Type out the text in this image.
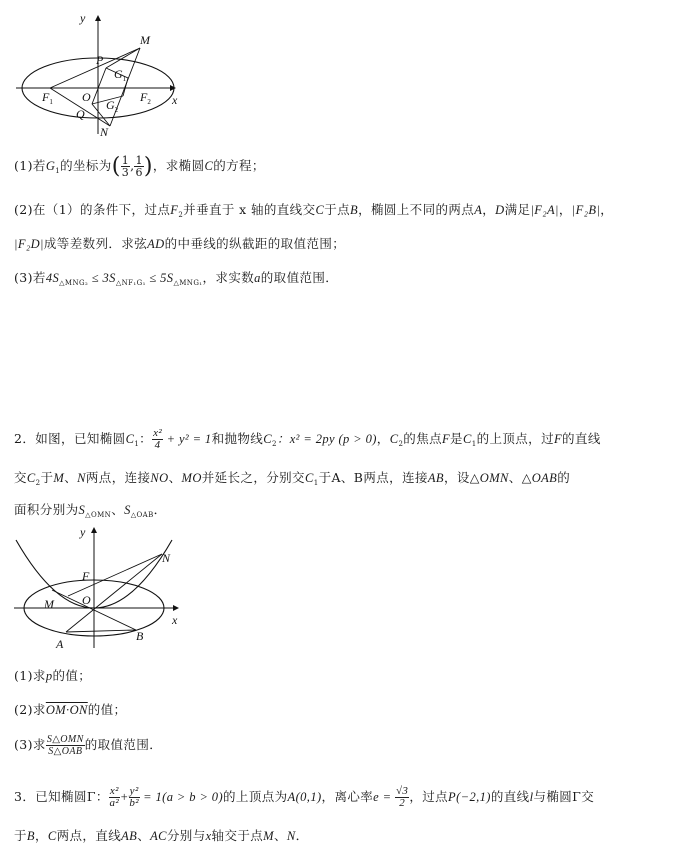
y
x
M
P
$G_1$
$F_1$ O	$F_2$
$G_2$
Q
N
(1)若$G_1$的坐标为( $\frac{1}{3}$ , $\frac{1}{6}$ )，求椭圆C的方程；
(2)在（1）的条件下，过点$F_2$并垂直于 x 轴的直线交C于点B，椭圆上不同的两点A，D满足|F₂A|，|F₂B|，
|F₂D|成等差数列．求弦AD的中垂线的纵截距的取值范围；
(3)若$4S_{\triangle MNG_2} \le 3S_{\triangle NF_1G_1} \le 5S_{\triangle MNG_1}$，求实数a的取值范围．
2．如图，已知椭圆$C_1$： $\frac{\text{x²}}{4} + y^2 = 1$和抛物线$C_2$：x² = 2py (p > 0)，$C_2$的焦点F是$C_1$的上顶点，过F的直线
交$C_2$于M、N两点，连接NO、MO并延长之，分别交$C_1$于A、B两点，连接AB，设△OMN、△OAB的
面积分别为$S_{\triangle OMN}$、$S_{\triangle OAB}$．
y
x
F
N
M O
A
B
(1)求p的值；
(2)求OM·ON的值；
(3)求 $\frac{\text{S△OMN}}{\text{S△OAB}}$ 的取值范围．
3．已知椭圆Γ： $\frac{\text{x²}}{\text{a²}} + \frac{\text{y²}}{\text{b²}} = 1(a > b > 0)$的上顶点为A(0,1)，离心率$e = \frac{√3}{2}$ ，过点P(−2,1)的直线l与椭圆Γ交
于B，C两点，直线AB、AC分别与x轴交于点M、N．
